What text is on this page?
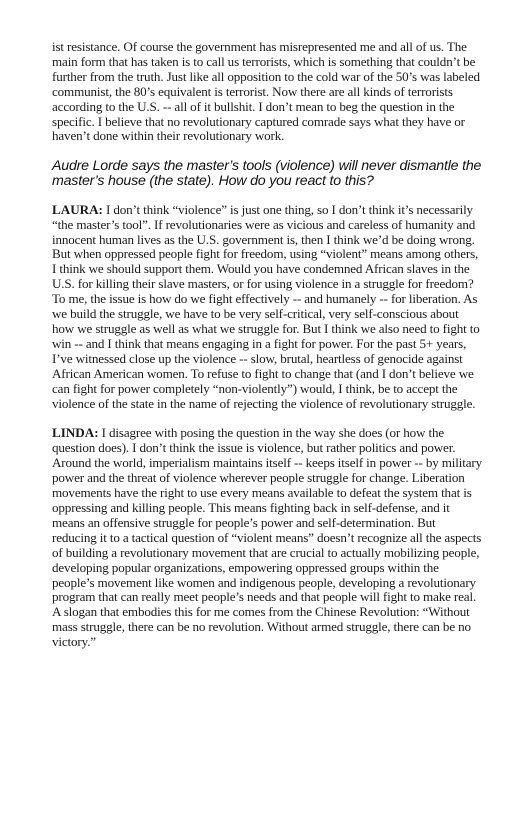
ist resistance. Of course the government has misrepresented me and all of us. The main form that has taken is to call us terrorists, which is something that couldn’t be further from the truth. Just like all opposition to the cold war of the 50’s was labeled communist, the 80’s equivalent is terrorist. Now there are all kinds of terrorists according to the U.S. -- all of it bullshit. I don’t mean to beg the question in the specific. I believe that no revolutionary captured comrade says what they have or haven’t done within their revolutionary work.

Audre Lorde says the master’s tools (violence) will never dismantle the master’s house (the state). How do you react to this?

LAURA: I don’t think “violence” is just one thing, so I don’t think it’s necessarily “the master’s tool”. If revolutionaries were as vicious and careless of humanity and innocent human lives as the U.S. government is, then I think we’d be doing wrong. But when oppressed people fight for freedom, using “violent” means among others, I think we should support them. Would you have condemned African slaves in the U.S. for killing their slave masters, or for using violence in a struggle for freedom? To me, the issue is how do we fight effectively -- and humanely -- for liberation. As we build the struggle, we have to be very self-critical, very self-conscious about how we struggle as well as what we struggle for. But I think we also need to fight to win -- and I think that means engaging in a fight for power. For the past 5+ years, I’ve witnessed close up the violence -- slow, brutal, heartless of genocide against African American women. To refuse to fight to change that (and I don’t believe we can fight for power completely “non-violently”) would, I think, be to accept the violence of the state in the name of rejecting the violence of revolutionary struggle.

LINDA: I disagree with posing the question in the way she does (or how the question does). I don’t think the issue is violence, but rather politics and power. Around the world, imperialism maintains itself -- keeps itself in power -- by military power and the threat of violence wherever people struggle for change. Liberation movements have the right to use every means available to defeat the system that is oppressing and killing people. This means fighting back in self-defense, and it means an offensive struggle for people’s power and self-determination. But reducing it to a tactical question of “violent means” doesn’t recognize all the aspects of building a revolutionary movement that are crucial to actually mobilizing people, developing popular organizations, empowering oppressed groups within the people’s movement like women and indigenous people, developing a revolutionary program that can really meet people’s needs and that people will fight to make real. A slogan that embodies this for me comes from the Chinese Revolution: “Without mass struggle, there can be no revolution. Without armed struggle, there can be no victory.”
